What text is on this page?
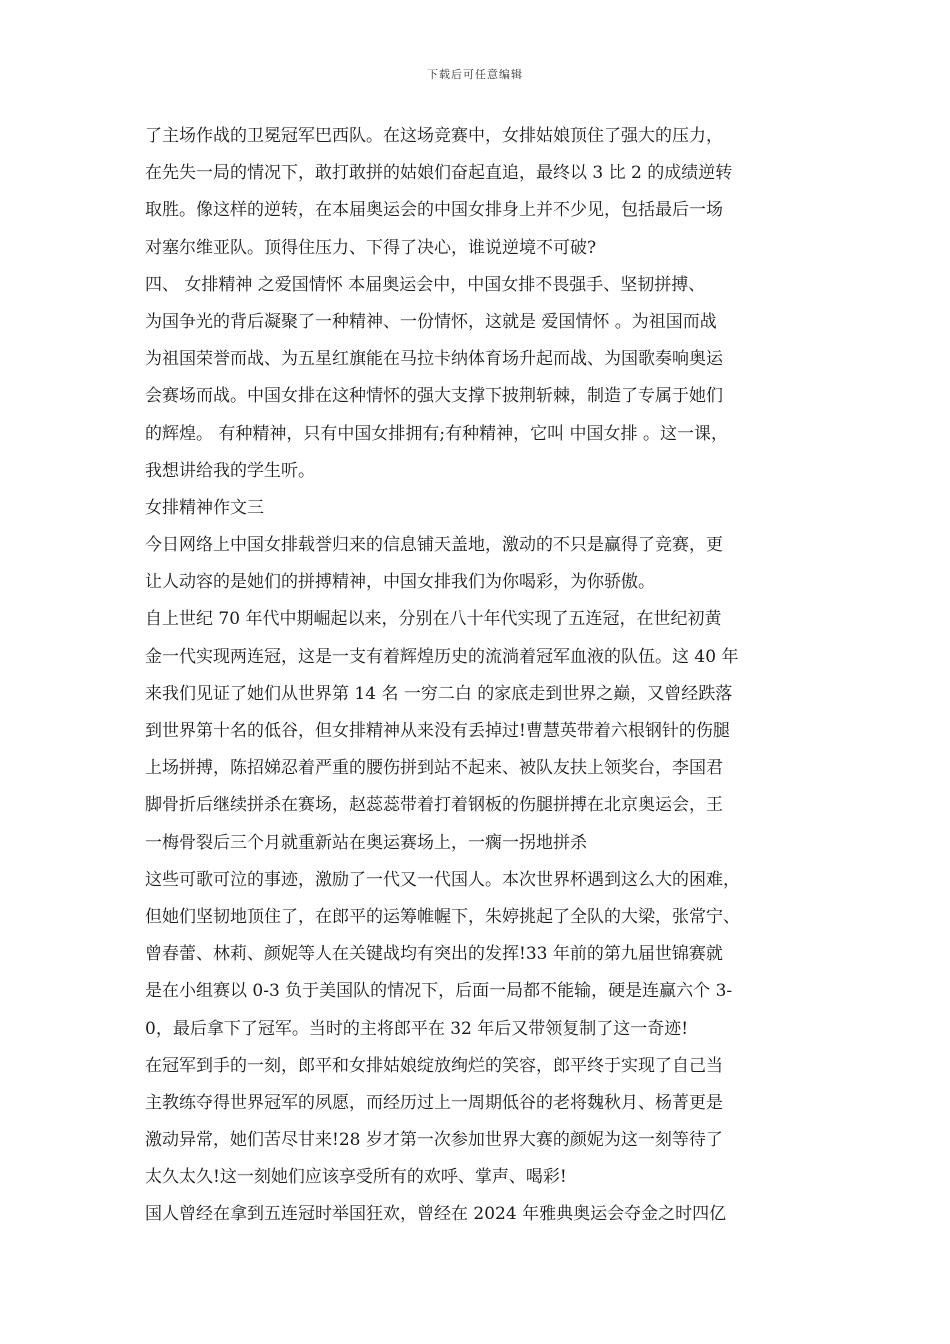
下载后可任意编辑
了主场作战的卫冕冠军巴西队。在这场竞赛中，女排姑娘顶住了强大的压力，
在先失一局的情况下，敢打敢拼的姑娘们奋起直追，最终以 3 比 2 的成绩逆转
取胜。像这样的逆转，在本届奥运会的中国女排身上并不少见，包括最后一场
对塞尔维亚队。顶得住压力、下得了决心，谁说逆境不可破?
四、 女排精神 之爱国情怀 本届奥运会中，中国女排不畏强手、坚韧拼搏、
为国争光的背后凝聚了一种精神、一份情怀，这就是 爱国情怀 。为祖国而战
为祖国荣誉而战、为五星红旗能在马拉卡纳体育场升起而战、为国歌奏响奥运
会赛场而战。中国女排在这种情怀的强大支撑下披荆斩棘，制造了专属于她们
的辉煌。 有种精神，只有中国女排拥有;有种精神，它叫 中国女排 。这一课，
我想讲给我的学生听。
女排精神作文三
今日网络上中国女排载誉归来的信息铺天盖地，激动的不只是赢得了竞赛，更
让人动容的是她们的拼搏精神，中国女排我们为你喝彩，为你骄傲。
自上世纪 70 年代中期崛起以来，分别在八十年代实现了五连冠，在世纪初黄
金一代实现两连冠，这是一支有着辉煌历史的流淌着冠军血液的队伍。这 40 年
来我们见证了她们从世界第 14 名 一穷二白 的家底走到世界之巅，又曾经跌落
到世界第十名的低谷，但女排精神从来没有丢掉过!曹慧英带着六根钢针的伤腿
上场拼搏，陈招娣忍着严重的腰伤拼到站不起来、被队友扶上领奖台，李国君
脚骨折后继续拼杀在赛场，赵蕊蕊带着打着钢板的伤腿拼搏在北京奥运会，王
一梅骨裂后三个月就重新站在奥运赛场上，一瘸一拐地拼杀
这些可歌可泣的事迹，激励了一代又一代国人。本次世界杯遇到这么大的困难，
但她们坚韧地顶住了，在郎平的运筹帷幄下，朱婷挑起了全队的大梁，张常宁、
曾春蕾、林莉、颜妮等人在关键战均有突出的发挥!33 年前的第九届世锦赛就
是在小组赛以 0-3 负于美国队的情况下，后面一局都不能输，硬是连赢六个 3-
0，最后拿下了冠军。当时的主将郎平在 32 年后又带领复制了这一奇迹!
在冠军到手的一刻，郎平和女排姑娘绽放绚烂的笑容，郎平终于实现了自己当
主教练夺得世界冠军的夙愿，而经历过上一周期低谷的老将魏秋月、杨菁更是
激动异常，她们苦尽甘来!28 岁才第一次参加世界大赛的颜妮为这一刻等待了
太久太久!这一刻她们应该享受所有的欢呼、掌声、喝彩!
国人曾经在拿到五连冠时举国狂欢，曾经在 2024 年雅典奥运会夺金之时四亿
